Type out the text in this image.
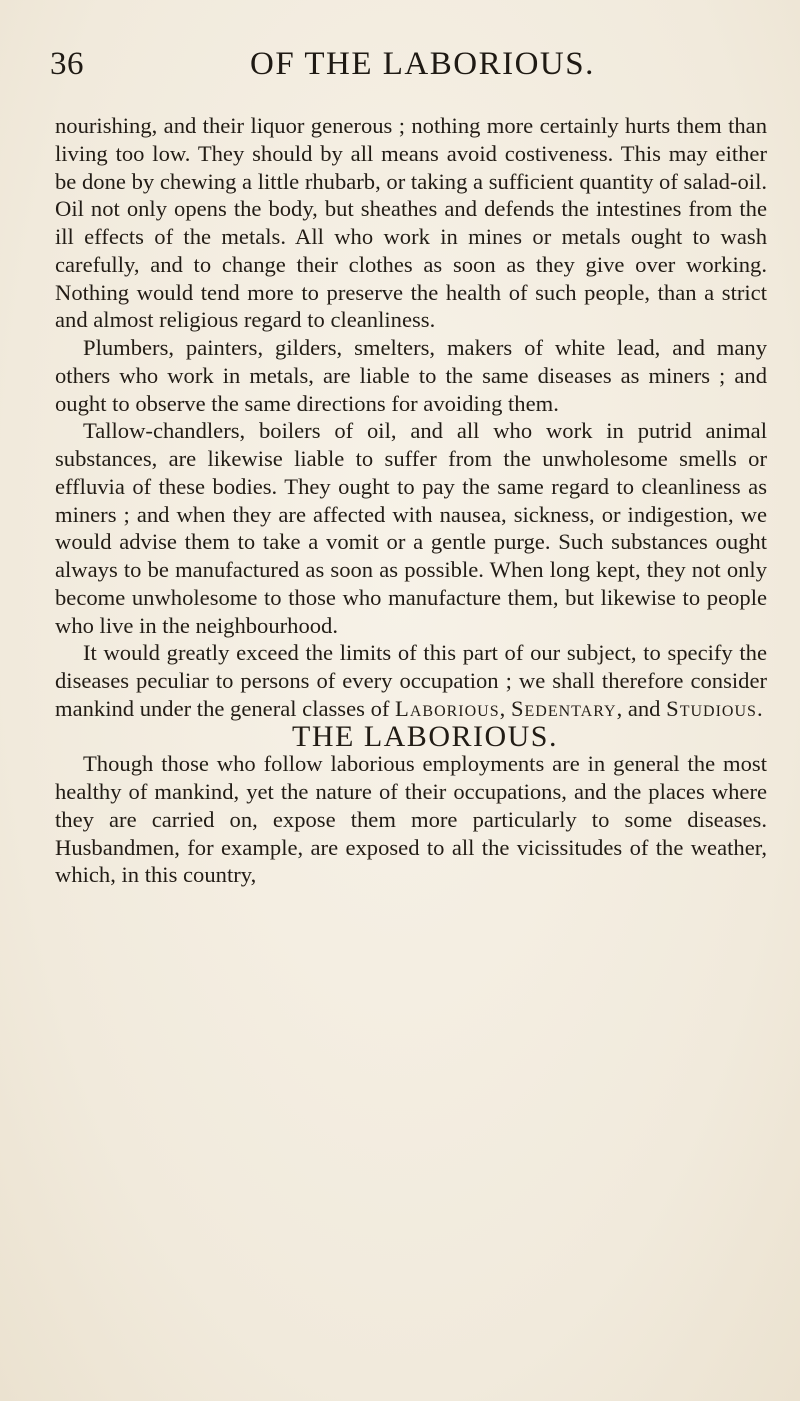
36	OF THE LABORIOUS.

nourishing, and their liquor generous ; nothing more certainly hurts them than living too low. They should by all means avoid costiveness. This may either be done by chewing a little rhubarb, or taking a sufficient quantity of salad-oil. Oil not only opens the body, but sheathes and defends the intestines from the ill effects of the metals. All who work in mines or metals ought to wash carefully, and to change their clothes as soon as they give over working. Nothing would tend more to preserve the health of such people, than a strict and almost religious regard to cleanliness.

Plumbers, painters, gilders, smelters, makers of white lead, and many others who work in metals, are liable to the same diseases as miners ; and ought to observe the same directions for avoiding them.

Tallow-chandlers, boilers of oil, and all who work in putrid animal substances, are likewise liable to suffer from the unwholesome smells or effluvia of these bodies. They ought to pay the same regard to cleanliness as miners ; and when they are affected with nausea, sickness, or indigestion, we would advise them to take a vomit or a gentle purge. Such substances ought always to be manufactured as soon as possible. When long kept, they not only become unwholesome to those who manufacture them, but likewise to people who live in the neighbourhood.

It would greatly exceed the limits of this part of our subject, to specify the diseases peculiar to persons of every occupation ; we shall therefore consider mankind under the general classes of Laborious, Sedentary, and Studious.

THE LABORIOUS.

Though those who follow laborious employments are in general the most healthy of mankind, yet the nature of their occupations, and the places where they are carried on, expose them more particularly to some diseases. Husbandmen, for example, are exposed to all the vicissitudes of the weather, which, in this country,
